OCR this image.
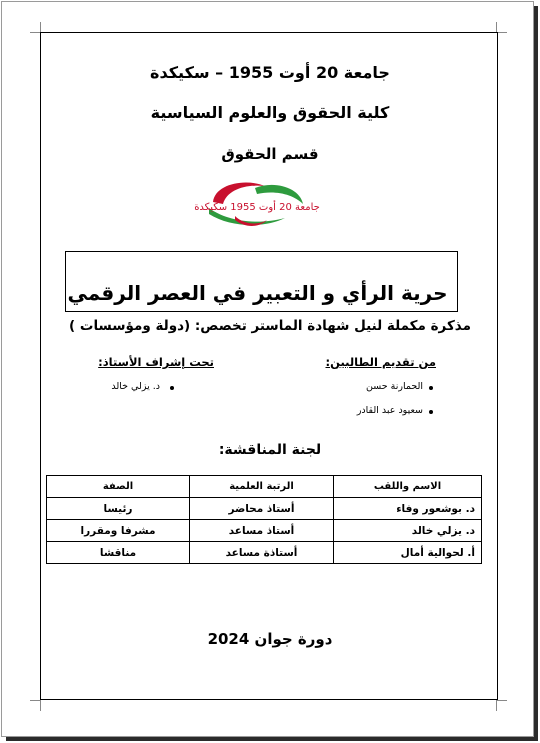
جامعة 20 أوت 1955 – سكيكدة
كلية الحقوق والعلوم السياسية
قسم الحقوق
جامعة 20 أوت 1955 سكيكدة
حرية الرأي و التعبير في العصر الرقمي
مذكرة مكملة لنيل شهادة الماستر تخصص: (دولة ومؤسسات )
من تقديم الطالبين:
تحت إشراف الأستاذ:
الحمارنة حسن
سعيود عبد القادر
د. يزلي خالد
لجنة المناقشة:
الاسم واللقب	الرتبة العلمية	الصفة
د. بوشعور وفاء	أستاذ محاضر	رئيسا
د. يزلي خالد	أستاذ مساعد	مشرفا ومقررا
أ. لحوالية أمال	أستاذة مساعد	مناقشا
دورة جوان 2024
